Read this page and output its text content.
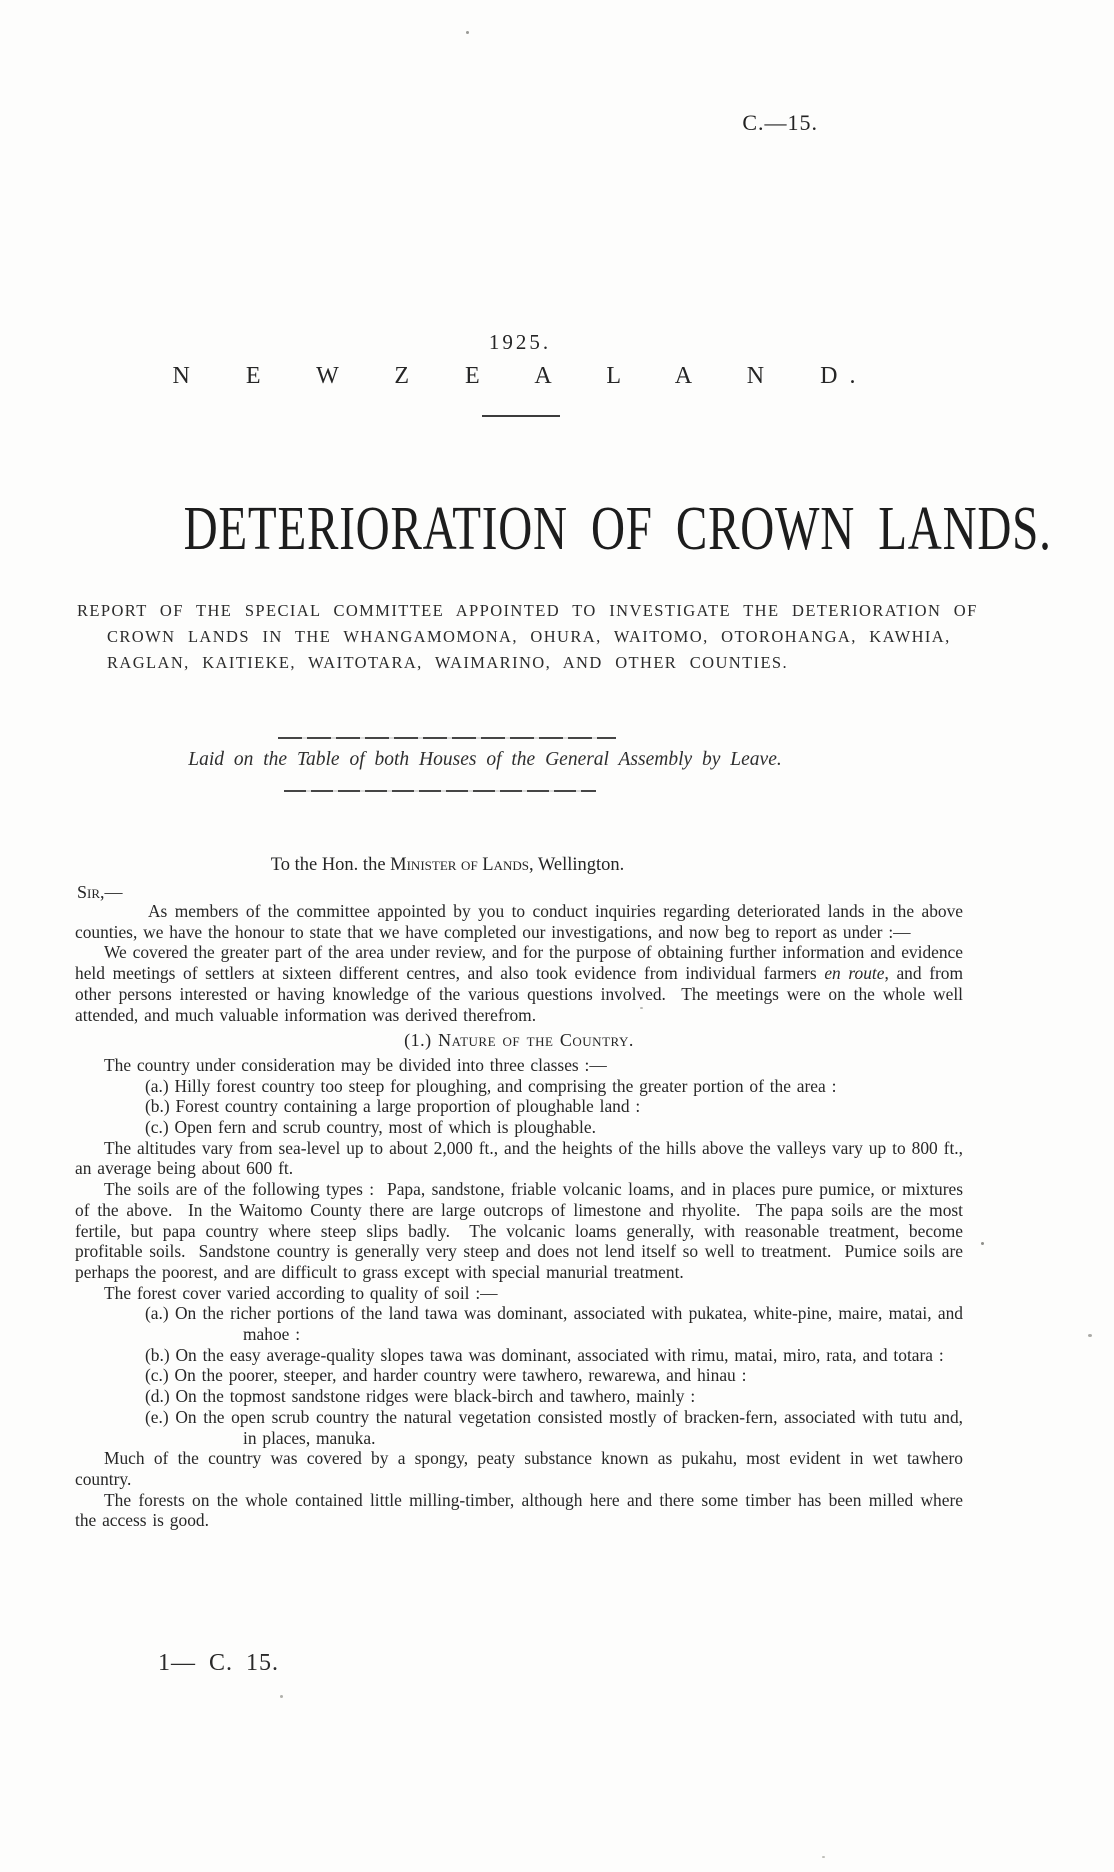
C.—15.
1925.
N E W Z E A L A N D.
DETERIORATION OF CROWN LANDS.
REPORT OF THE SPECIAL COMMITTEE APPOINTED TO INVESTIGATE THE DETERIORATION OF
CROWN LANDS IN THE WHANGAMOMONA, OHURA, WAITOMO, OTOROHANGA, KAWHIA,
RAGLAN, KAITIEKE, WAITOTARA, WAIMARINO, AND OTHER COUNTIES.
Laid on the Table of both Houses of the General Assembly by Leave.
To the Hon. the Minister of Lands, Wellington.
Sir,—

As members of the committee appointed by you to conduct inquiries regarding deteriorated lands in the above counties, we have the honour to state that we have completed our investigations, and now beg to report as under :—

We covered the greater part of the area under review, and for the purpose of obtaining further information and evidence held meetings of settlers at sixteen different centres, and also took evidence from individual farmers en route, and from other persons interested or having knowledge of the various questions involved.  The meetings were on the whole well attended, and much valuable information was derived therefrom.

(1.) Nature of the Country.

The country under consideration may be divided into three classes :—

(a.) Hilly forest country too steep for ploughing, and comprising the greater portion of the area :
(b.) Forest country containing a large proportion of ploughable land :
(c.) Open fern and scrub country, most of which is ploughable.

The altitudes vary from sea-level up to about 2,000 ft., and the heights of the hills above the valleys vary up to 800 ft., an average being about 600 ft.

The soils are of the following types :  Papa, sandstone, friable volcanic loams, and in places pure pumice, or mixtures of the above.  In the Waitomo County there are large outcrops of limestone and rhyolite.  The papa soils are the most fertile, but papa country where steep slips badly.  The volcanic loams generally, with reasonable treatment, become profitable soils.  Sandstone country is generally very steep and does not lend itself so well to treatment.  Pumice soils are perhaps the poorest, and are difficult to grass except with special manurial treatment.

The forest cover varied according to quality of soil :—

(a.) On the richer portions of the land tawa was dominant, associated with pukatea, white-pine, maire, matai, and mahoe :
(b.) On the easy average-quality slopes tawa was dominant, associated with rimu, matai, miro, rata, and totara :
(c.) On the poorer, steeper, and harder country were tawhero, rewarewa, and hinau :
(d.) On the topmost sandstone ridges were black-birch and tawhero, mainly :
(e.) On the open scrub country the natural vegetation consisted mostly of bracken-fern, associated with tutu and, in places, manuka.

Much of the country was covered by a spongy, peaty substance known as pukahu, most evident in wet tawhero country.

The forests on the whole contained little milling-timber, although here and there some timber has been milled where the access is good.

1— C. 15.
